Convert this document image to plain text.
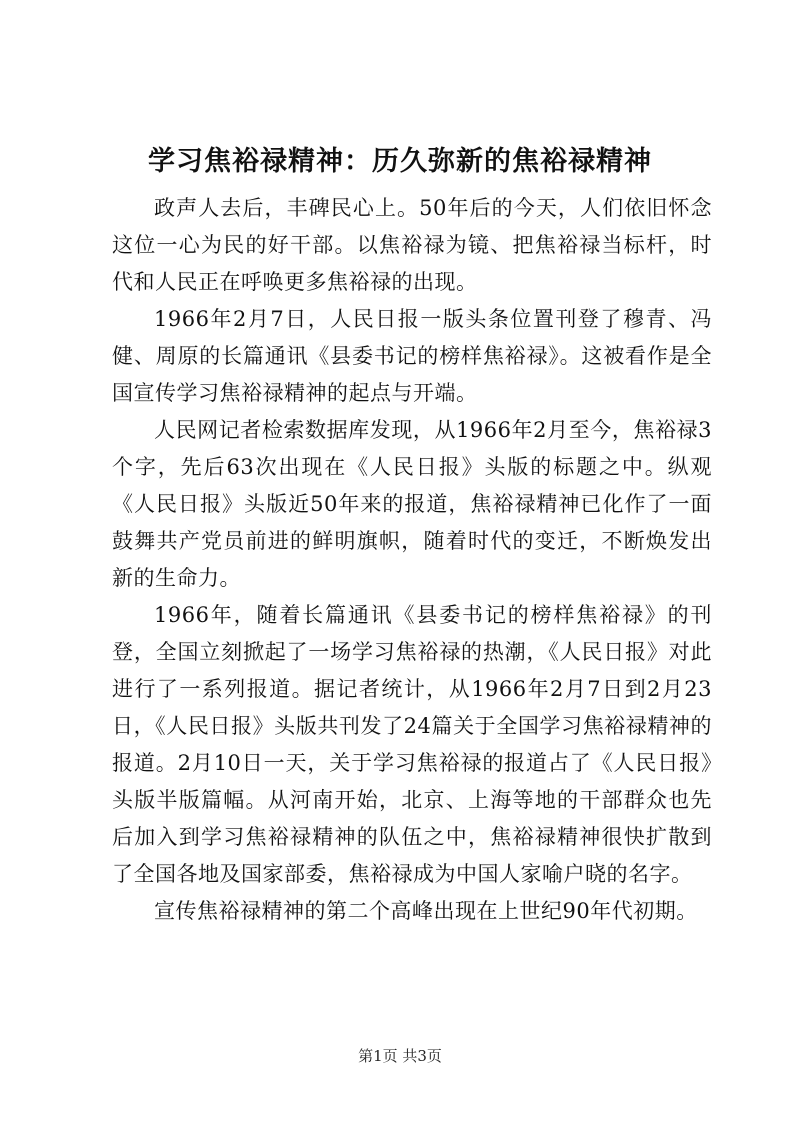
学习焦裕禄精神：历久弥新的焦裕禄精神

政声人去后，丰碑民心上。50年后的今天，人们依旧怀念这位一心为民的好干部。以焦裕禄为镜、把焦裕禄当标杆，时代和人民正在呼唤更多焦裕禄的出现。

1966年2月7日，人民日报一版头条位置刊登了穆青、冯健、周原的长篇通讯《县委书记的榜样焦裕禄》。这被看作是全国宣传学习焦裕禄精神的起点与开端。

人民网记者检索数据库发现，从1966年2月至今，焦裕禄3个字，先后63次出现在《人民日报》头版的标题之中。纵观《人民日报》头版近50年来的报道，焦裕禄精神已化作了一面鼓舞共产党员前进的鲜明旗帜，随着时代的变迁，不断焕发出新的生命力。

1966年，随着长篇通讯《县委书记的榜样焦裕禄》的刊登，全国立刻掀起了一场学习焦裕禄的热潮，《人民日报》对此进行了一系列报道。据记者统计，从1966年2月7日到2月23日，《人民日报》头版共刊发了24篇关于全国学习焦裕禄精神的报道。2月10日一天，关于学习焦裕禄的报道占了《人民日报》头版半版篇幅。从河南开始，北京、上海等地的干部群众也先后加入到学习焦裕禄精神的队伍之中，焦裕禄精神很快扩散到了全国各地及国家部委，焦裕禄成为中国人家喻户晓的名字。

宣传焦裕禄精神的第二个高峰出现在上世纪90年代初期。

第1页 共3页
